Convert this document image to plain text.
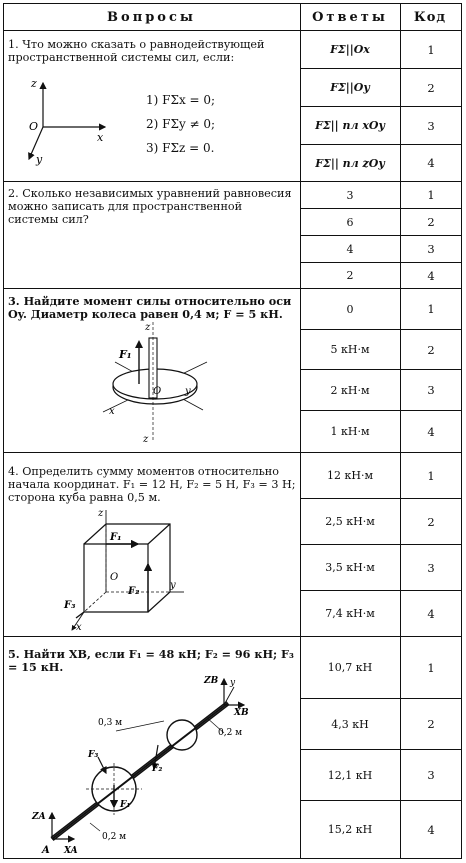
Вопросы	Ответы	Код
1. Что можно сказать о равнодействующей пространственной системы сил, если:
z
x
y
O
1) FΣx = 0;
2) FΣy ≠ 0;
3) FΣz = 0.
FΣ||Ox
FΣ||Oy
FΣ|| пл xOy
FΣ|| пл zOy
1
2
3
4
2. Сколько независимых уравнений равновесия можно записать для пространственной системы сил?
3
6
4
2
1
2
3
4
3. Найдите момент силы относительно оси Oy. Диаметр колеса равен 0,4 м; F = 5 кН.
z
F₁
O
x
y
z
0
5 кН·м
2 кН·м
1 кН·м
1
2
3
4
4. Определить сумму моментов относительно начала координат. F₁ = 12 Н, F₂ = 5 Н, F₃ = 3 Н; сторона куба равна 0,5 м.
z
F₁
O
F₂
y
F₃
x
12 кН·м
2,5 кН·м
3,5 кН·м
7,4 кН·м
1
2
3
4
5. Найти XB, если F₁ = 48 кН; F₂ = 96 кН; F₃ = 15 кН.
ZB y
XB
0,3 м
0,2 м
F₃
F₂
F₁
ZA
0,2 м
A XA
10,7 кН
4,3 кН
12,1 кН
15,2 кН
1
2
3
4
